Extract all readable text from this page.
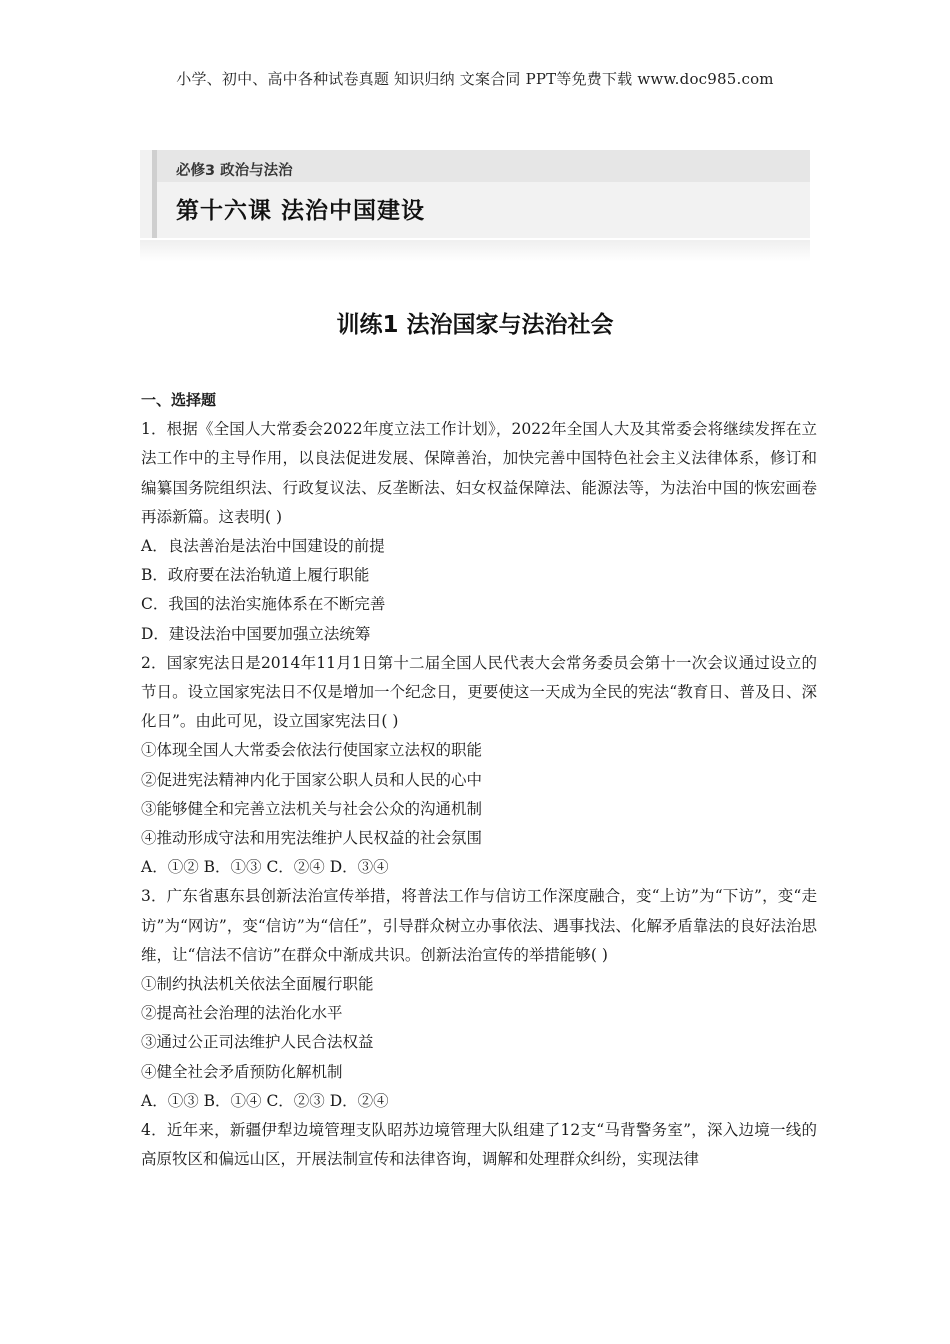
小学、初中、高中各种试卷真题 知识归纳 文案合同 PPT等免费下载 www.doc985.com
必修3 政治与法治
第十六课 法治中国建设
训练1 法治国家与法治社会
一、选择题

1．根据《全国人大常委会2022年度立法工作计划》，2022年全国人大及其常委会将继续发挥在立法工作中的主导作用，以良法促进发展、保障善治，加快完善中国特色社会主义法律体系，修订和编纂国务院组织法、行政复议法、反垄断法、妇女权益保障法、能源法等，为法治中国的恢宏画卷再添新篇。这表明( )

A．良法善治是法治中国建设的前提

B．政府要在法治轨道上履行职能

C．我国的法治实施体系在不断完善

D．建设法治中国要加强立法统筹

2．国家宪法日是2014年11月1日第十二届全国人民代表大会常务委员会第十一次会议通过设立的节日。设立国家宪法日不仅是增加一个纪念日，更要使这一天成为全民的宪法“教育日、普及日、深化日”。由此可见，设立国家宪法日( )

①体现全国人大常委会依法行使国家立法权的职能

②促进宪法精神内化于国家公职人员和人民的心中

③能够健全和完善立法机关与社会公众的沟通机制

④推动形成守法和用宪法维护人民权益的社会氛围

A．①② B．①③ C．②④ D．③④

3．广东省惠东县创新法治宣传举措，将普法工作与信访工作深度融合，变“上访”为“下访”，变“走访”为“网访”，变“信访”为“信任”，引导群众树立办事依法、遇事找法、化解矛盾靠法的良好法治思维，让“信法不信访”在群众中渐成共识。创新法治宣传的举措能够( )

①制约执法机关依法全面履行职能

②提高社会治理的法治化水平

③通过公正司法维护人民合法权益

④健全社会矛盾预防化解机制

A．①③ B．①④ C．②③ D．②④

4．近年来，新疆伊犁边境管理支队昭苏边境管理大队组建了12支“马背警务室”，深入边境一线的高原牧区和偏远山区，开展法制宣传和法律咨询，调解和处理群众纠纷，实现法律
